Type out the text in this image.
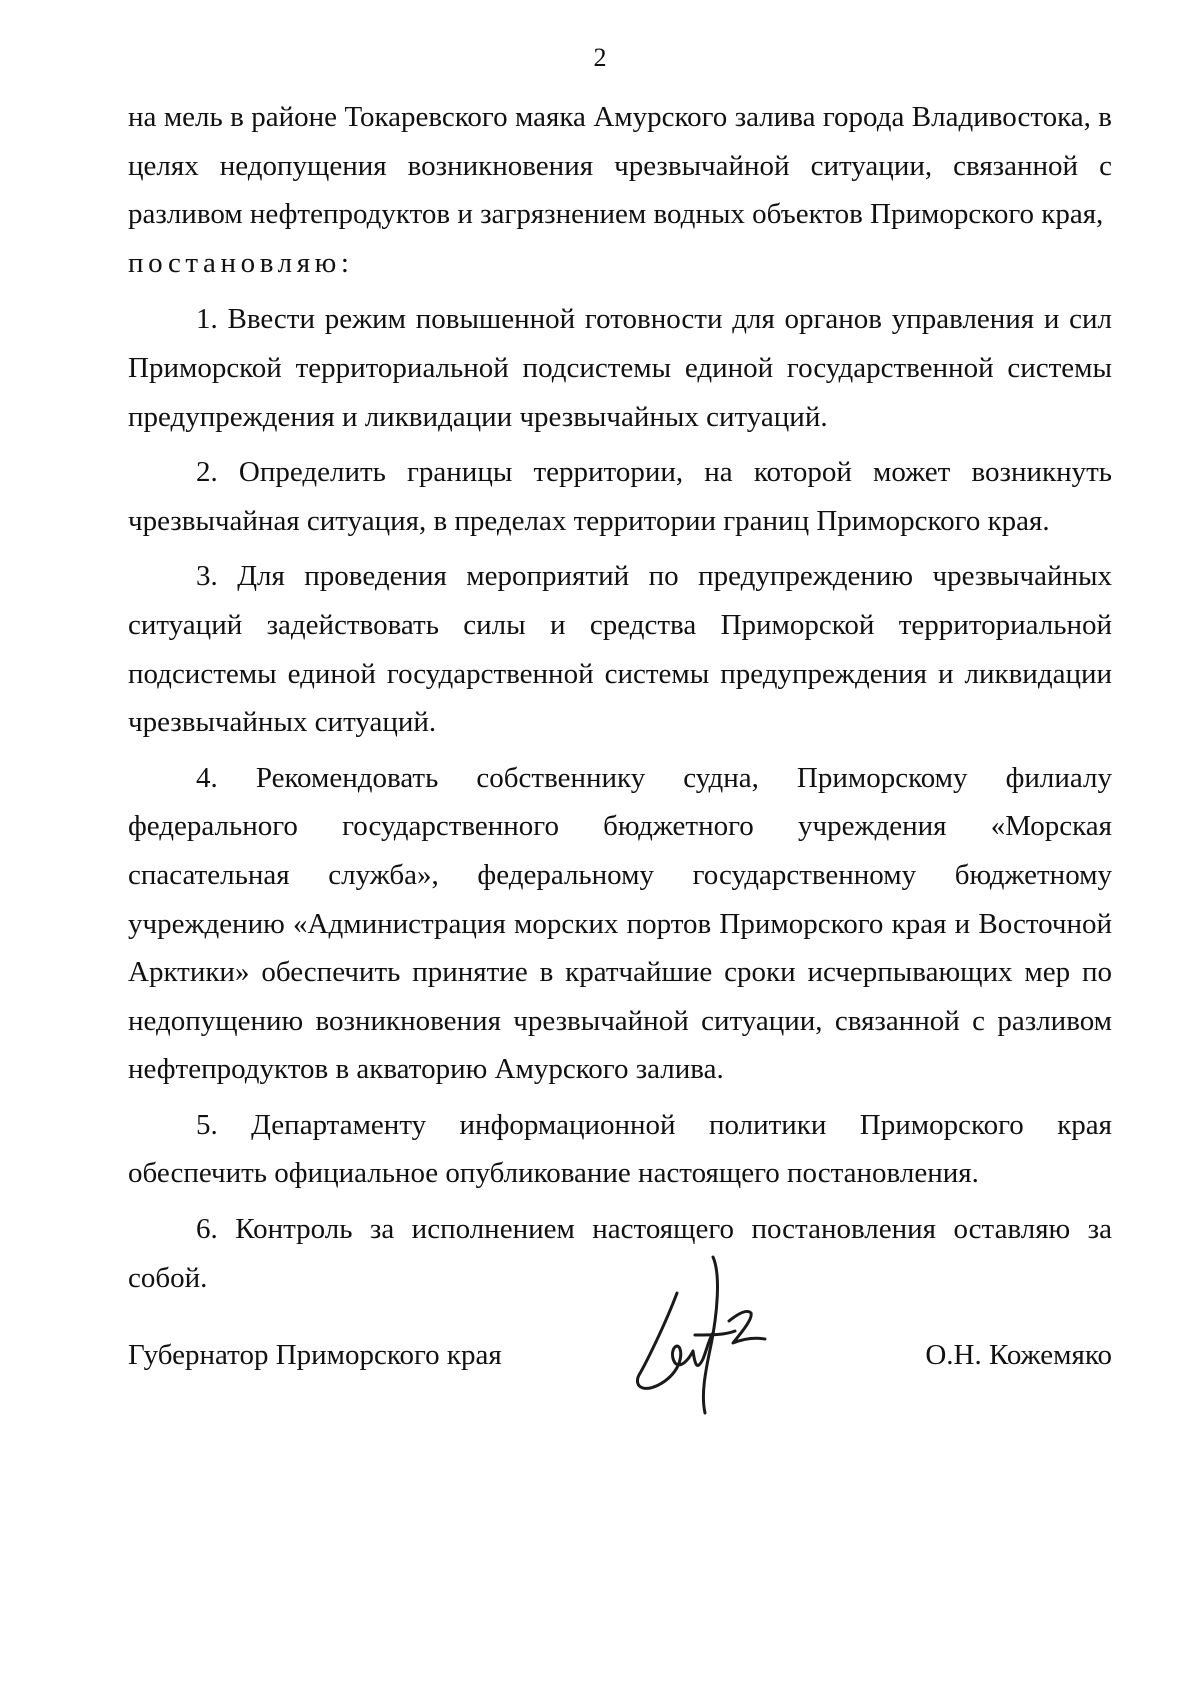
2

на мель в районе Токаревского маяка Амурского залива города Владивостока, в целях недопущения возникновения чрезвычайной ситуации, связанной с разливом нефтепродуктов и загрязнением водных объектов Приморского края,

постановляю:

1. Ввести режим повышенной готовности для органов управления и сил Приморской территориальной подсистемы единой государственной системы предупреждения и ликвидации чрезвычайных ситуаций.

2. Определить границы территории, на которой может возникнуть чрезвычайная ситуация, в пределах территории границ Приморского края.

3. Для проведения мероприятий по предупреждению чрезвычайных ситуаций задействовать силы и средства Приморской территориальной подсистемы единой государственной системы предупреждения и ликвидации чрезвычайных ситуаций.

4. Рекомендовать собственнику судна, Приморскому филиалу федерального государственного бюджетного учреждения «Морская спасательная служба», федеральному государственному бюджетному учреждению «Администрация морских портов Приморского края и Восточной Арктики» обеспечить принятие в кратчайшие сроки исчерпывающих мер по недопущению возникновения чрезвычайной ситуации, связанной с разливом нефтепродуктов в акваторию Амурского залива.

5. Департаменту информационной политики Приморского края обеспечить официальное опубликование настоящего постановления.

6. Контроль за исполнением настоящего постановления оставляю за собой.

Губернатор Приморского края	О.Н. Кожемяко
